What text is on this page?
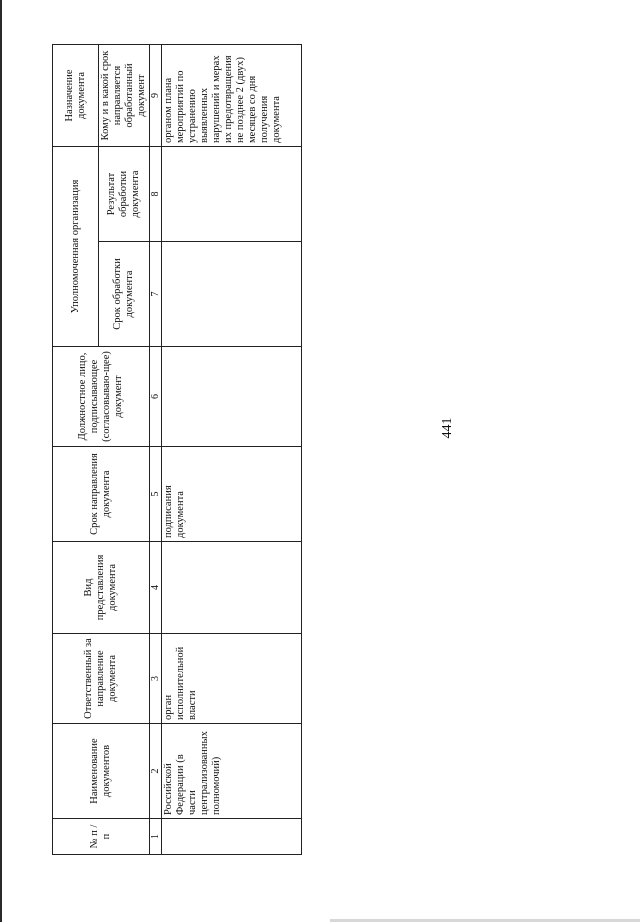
441
№ п / п	Наименование документов	Ответственный за направление документа	Вид представления документа	Срок направления документа	Должностное лицо, подписывающее (согласовываю-щее) документ	Уполномоченная организация		Назначение документа
						Срок обработки документа	Результат обработки документа	Кому и в какой срок направляется обработанный документ
1	2	3	4	5	6	7	8	9
	Российской Федерации (в части централизованных полномочий)	орган исполнительной власти		подписания документа				органом плана мероприятий по устранению выявленных нарушений и мерах их предотвращения не позднее 2 (двух) месяцев со дня получения документа
